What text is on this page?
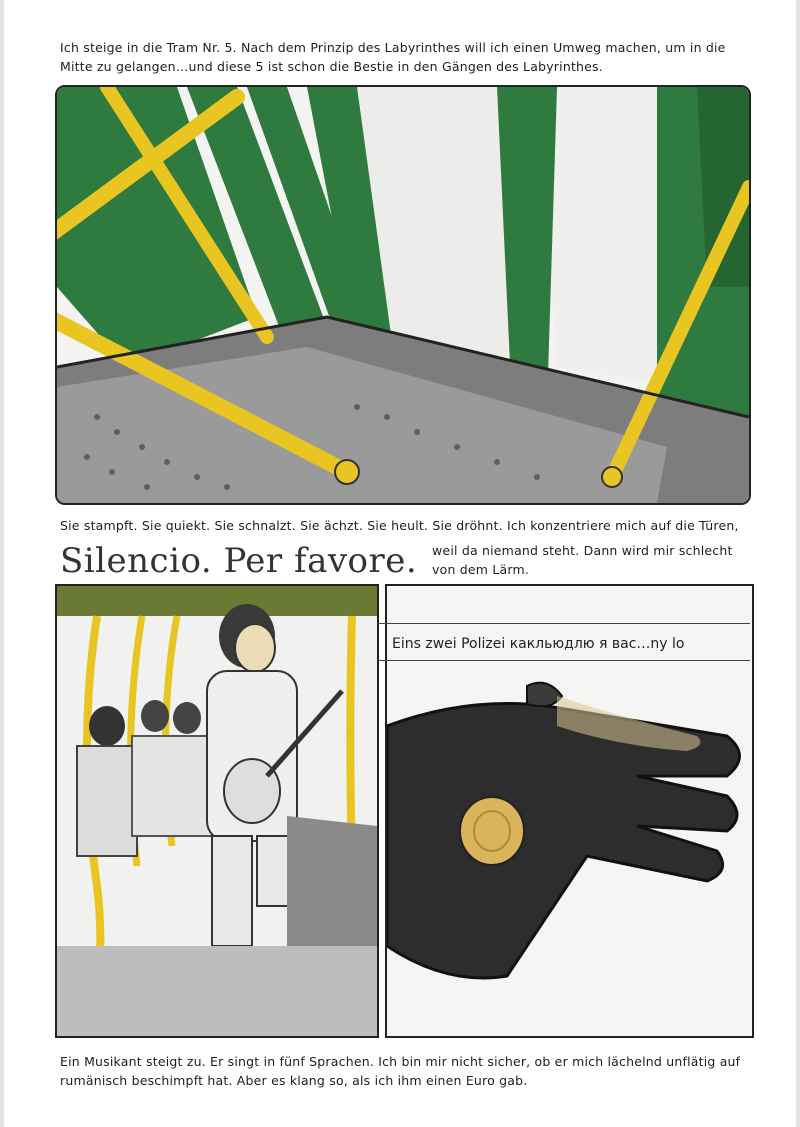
Ich steige in die Tram Nr. 5. Nach dem Prinzip des Labyrinthes will ich einen Umweg machen, um in die
Mitte zu gelangen…und diese 5 ist schon die Bestie in den Gängen des Labyrinthes.
Sie stampft. Sie quiekt. Sie schnalzt. Sie ächzt. Sie heult. Sie dröhnt. Ich konzentriere mich auf die Türen,
Silencio. Per favore. weil da niemand steht. Dann wird mir schlecht
von dem Lärm.
Eins zwei Polizei какльюдлю я вас…ny lo
Ein Musikant steigt zu. Er singt in fünf Sprachen. Ich bin mir nicht sicher, ob er mich lächelnd unflätig auf
rumänisch beschimpft hat. Aber es klang so, als ich ihm einen Euro gab.
